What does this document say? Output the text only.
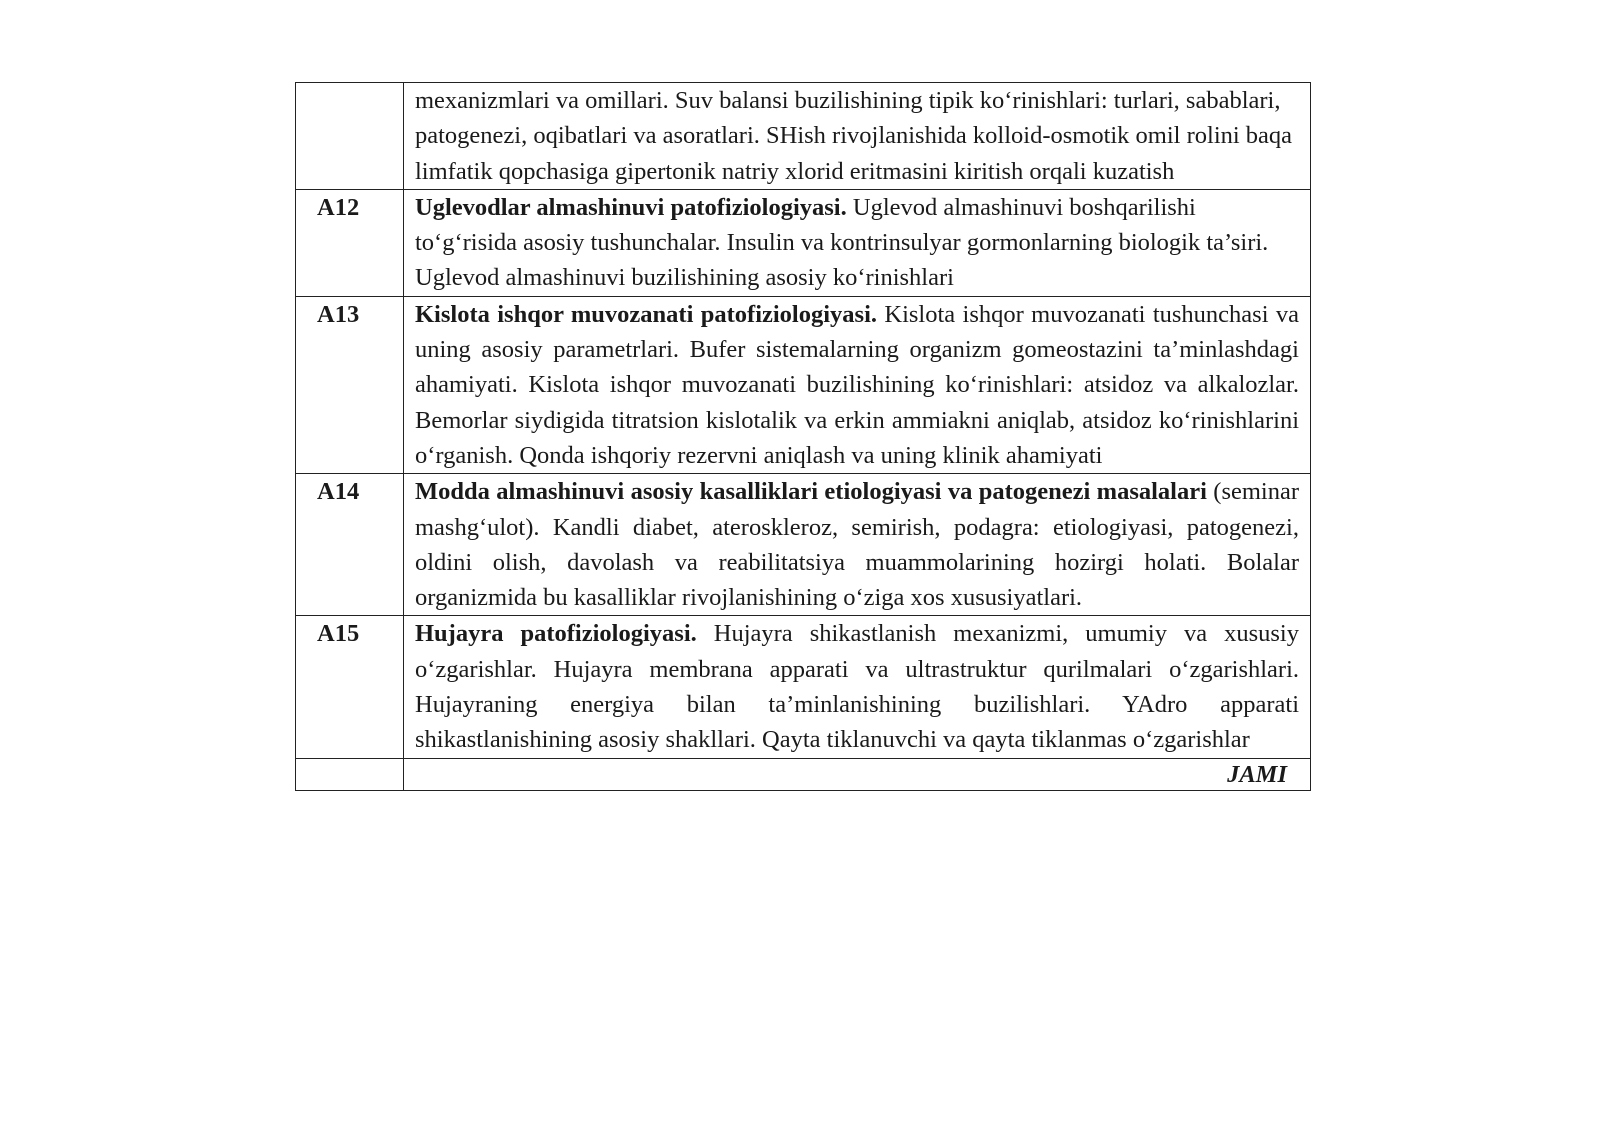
	mexanizmlari va omillari. Suv balansi buzilishining tipik ko‘rinishlari: turlari, sabablari, patogenezi, oqibatlari va asoratlari. SHish rivojlanishida kolloid-osmotik omil rolini baqa limfatik qopchasiga gipertonik natriy xlorid eritmasini kiritish orqali kuzatish
A12	Uglevodlar almashinuvi patofiziologiyasi. Uglevod almashinuvi boshqarilishi to‘g‘risida asosiy tushunchalar. Insulin va kontrinsulyar gormonlarning biologik ta’siri. Uglevod almashinuvi buzilishining asosiy ko‘rinishlari
A13	Kislota ishqor muvozanati patofiziologiyasi. Kislota ishqor muvozanati tushunchasi va uning asosiy parametrlari. Bufer sistemalarning organizm gomeostazini ta’minlashdagi ahamiyati. Kislota ishqor muvozanati buzilishining ko‘rinishlari: atsidoz va alkalozlar. Bemorlar siydigida titratsion kislotalik va erkin ammiakni aniqlab, atsidoz ko‘rinishlarini o‘rganish. Qonda ishqoriy rezervni aniqlash va uning klinik ahamiyati
A14	Modda almashinuvi asosiy kasalliklari etiologiyasi va patogenezi masalalari (seminar mashg‘ulot). Kandli diabet, ateroskleroz, semirish, podagra: etiologiyasi, patogenezi, oldini olish, davolash va reabilitatsiya muammolarining hozirgi holati. Bolalar organizmida bu kasalliklar rivojlanishining o‘ziga xos xususiyatlari.
A15	Hujayra patofiziologiyasi. Hujayra shikastlanish mexanizmi, umumiy va xususiy o‘zgarishlar. Hujayra membrana apparati va ultrastruktur qurilmalari o‘zgarishlari. Hujayraning energiya bilan ta’minlanishining buzilishlari. YAdro apparati shikastlanishining asosiy shakllari. Qayta tiklanuvchi va qayta tiklanmas o‘zgarishlar
	JAMI
